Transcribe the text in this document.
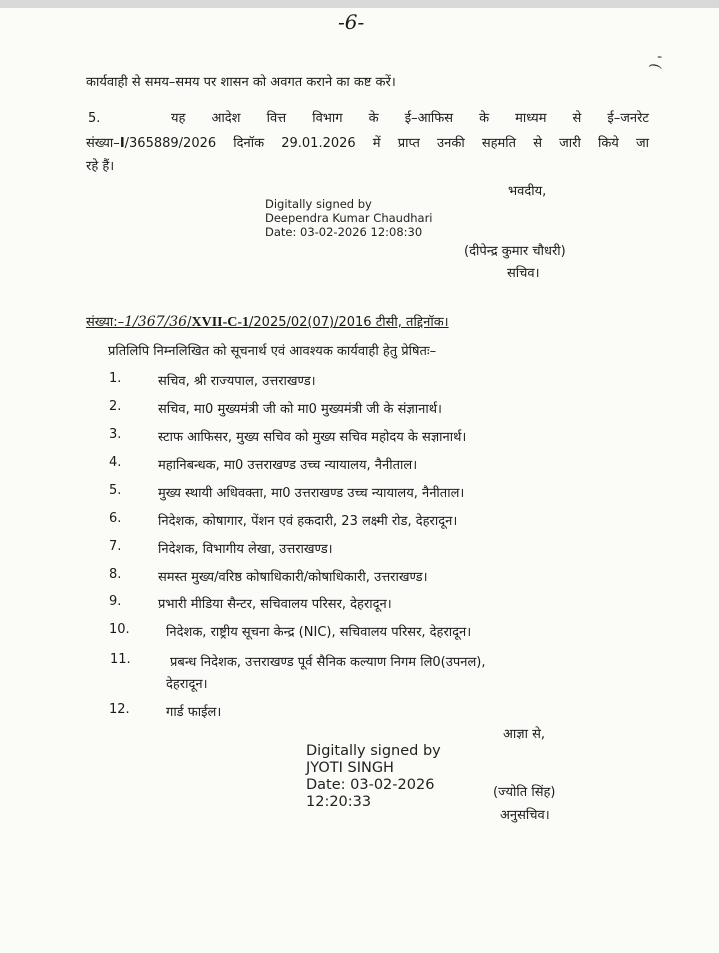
-6-
' (
कार्यवाही से समय–समय पर शासन को अवगत कराने का कष्ट करें।
5.	यह आदेश वित्त विभाग के ई–आफिस के माध्यम से ई–जनरेट
संख्या–I/365889/2026 दिनॉक 29.01.2026 में प्राप्त उनकी सहमति से जारी किये जा
रहे हैं।
भवदीय,
Digitally signed by
Deependra Kumar Chaudhari
Date: 03-02-2026 12:08:30
(दीपेन्द्र कुमार चौधरी)
सचिव।
संख्या:–1/367/36/XVII-C-1/2025/02(07)/2016 टीसी, तद्दिनॉक।
प्रतिलिपि निम्नलिखित को सूचनार्थ एवं आवश्यक कार्यवाही हेतु प्रेषितः–
1.	सचिव, श्री राज्यपाल, उत्तराखण्ड।
2.	सचिव, मा0 मुख्यमंत्री जी को मा0 मुख्यमंत्री जी के संज्ञानार्थ।
3.	स्टाफ आफिसर, मुख्य सचिव को मुख्य सचिव महोदय के सज्ञानार्थ।
4.	महानिबन्धक, मा0 उत्तराखण्ड उच्च न्यायालय, नैनीताल।
5.	मुख्य स्थायी अधिवक्ता, मा0 उत्तराखण्ड उच्च न्यायालय, नैनीताल।
6.	निदेशक, कोषागार, पेंशन एवं हकदारी, 23 लक्ष्मी रोड, देहरादून।
7.	निदेशक, विभागीय लेखा, उत्तराखण्ड।
8.	समस्त मुख्य/वरिष्ठ कोषाधिकारी/कोषाधिकारी, उत्तराखण्ड।
9.	प्रभारी मीडिया सैन्टर, सचिवालय परिसर, देहरादून।
10.	निदेशक, राष्ट्रीय सूचना केन्द्र (NIC), सचिवालय परिसर, देहरादून।
11.	प्रबन्ध निदेशक, उत्तराखण्ड पूर्व सैनिक कल्याण निगम लि0(उपनल),
देहरादून।
12.	गार्ड फाईल।
आज्ञा से,
Digitally signed by
JYOTI SINGH
Date: 03-02-2026
12:20:33
(ज्योति सिंह)
अनुसचिव।
